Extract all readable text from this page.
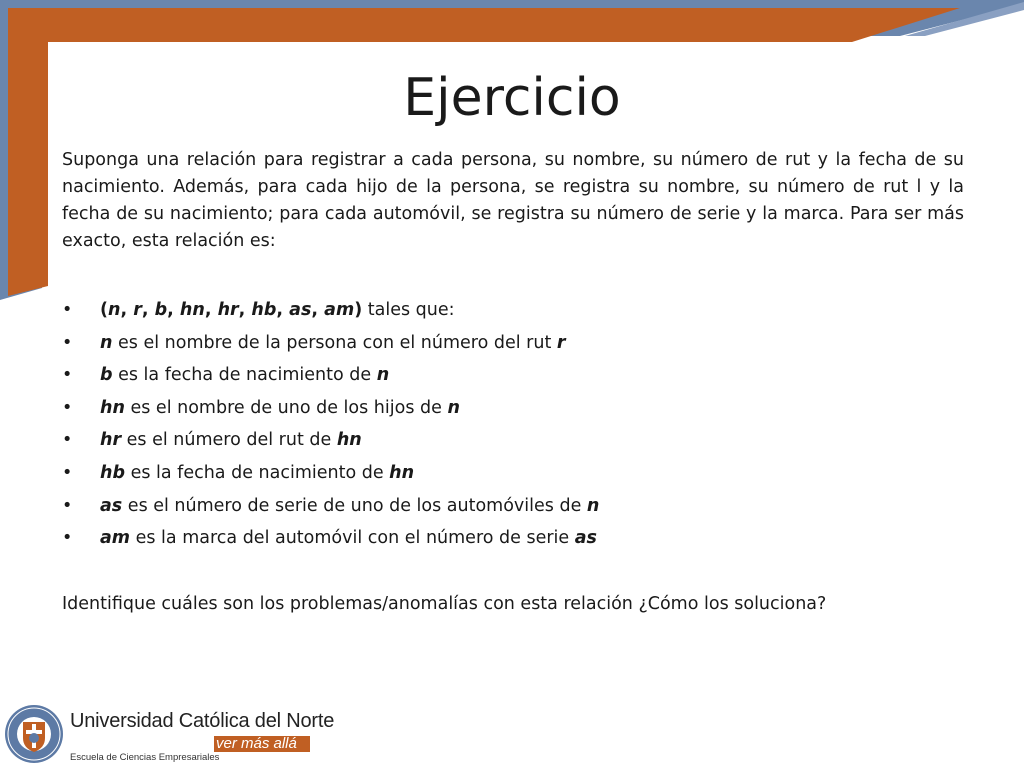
Ejercicio

Suponga una relación para registrar a cada persona, su nombre, su número de rut y la fecha de su nacimiento. Además, para cada hijo de la persona, se registra su nombre, su número de rut l y la fecha de su nacimiento; para cada automóvil, se registra su número de serie y la marca. Para ser más exacto, esta relación es:

• (n, r, b, hn, hr, hb, as, am) tales que:
• n es el nombre de la persona con el número del rut r
• b es la fecha de nacimiento de n
• hn es el nombre de uno de los hijos de n
• hr es el número del rut de hn
• hb es la fecha de nacimiento de hn
• as es el número de serie de uno de los automóviles de n
• am es la marca del automóvil con el número de serie as

Identifique cuáles son los problemas/anomalías con esta relación ¿Cómo los soluciona?

Universidad Católica del Norte
ver más allá
Escuela de Ciencias Empresariales
